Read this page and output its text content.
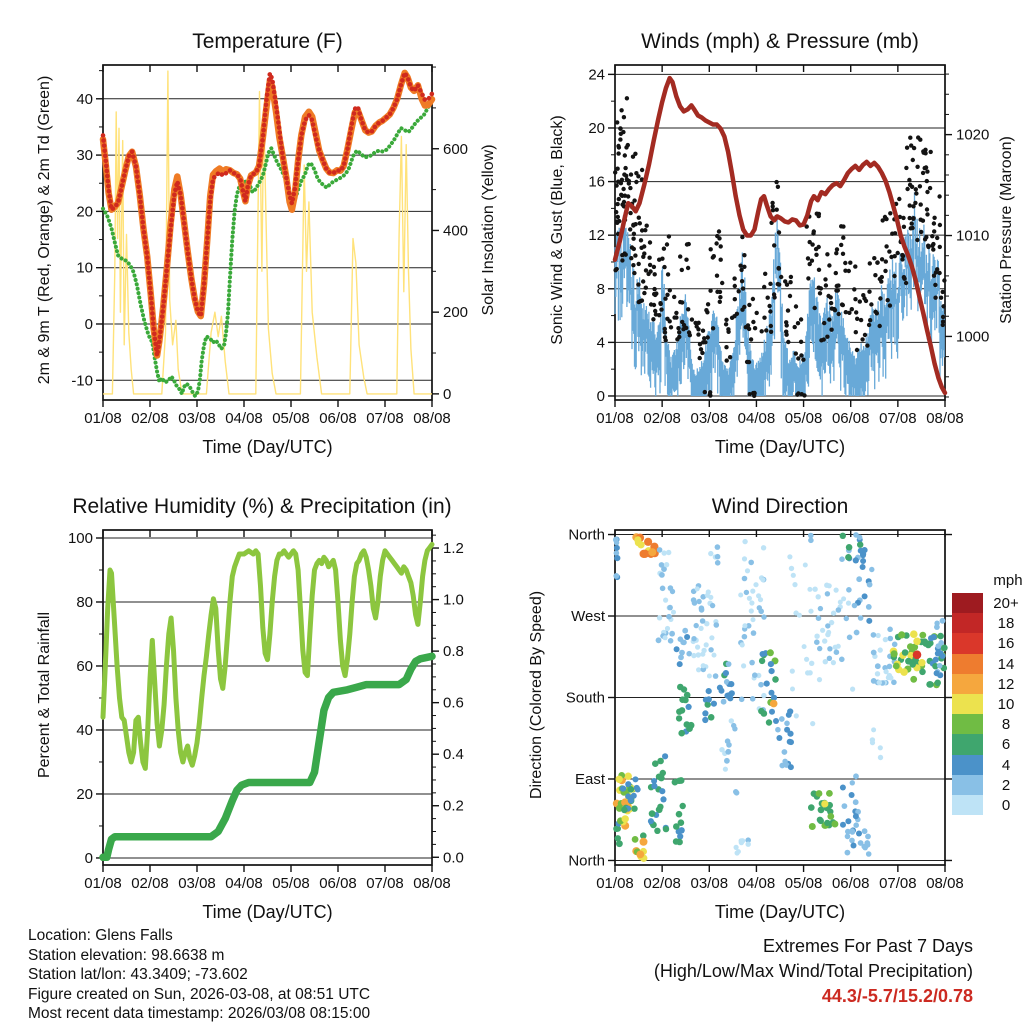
01/08 02/08 03/08 04/08 05/08 06/08 07/08 08/08
-10
0
10
20
30
40
0
200
400
600
01/08 02/08 03/08 04/08 05/08 06/08 07/08 08/08
0
4
8
12
16
20
24
1000
1010
1020
01/08 02/08 03/08 04/08 05/08 06/08 07/08 08/08
0
20
40
60
80
100
0.0
0.2
0.4
0.6
0.8
1.0
1.2
01/08 02/08 03/08 04/08 05/08 06/08 07/08 08/08
North
West
South
East
North
Temperature (F)	Winds (mph) & Pressure (mb)
Relative Humidity (%) & Precipitation (in)	Wind Direction
2m & 9m T (Red, Orange) & 2m Td (Green)	Solar Insolation (Yellow)	Sonic Wind & Gust (Blue, Black)	Station Pressure (Maroon)
Percent & Total Rainfall	Direction (Colored By Speed)
Time (Day/UTC)	Time (Day/UTC)
Time (Day/UTC)	Time (Day/UTC)
mph
20+
18
16
14
12
10
8
6
4
2
0
Extremes For Past 7 Days
(High/Low/Max Wind/Total Precipitation)
44.3/-5.7/15.2/0.78
Location: Glens Falls
Station elevation: 98.6638 m
Station lat/lon: 43.3409; -73.602
Figure created on Sun, 2026-03-08, at 08:51 UTC
Most recent data timestamp: 2026/03/08 08:15:00
